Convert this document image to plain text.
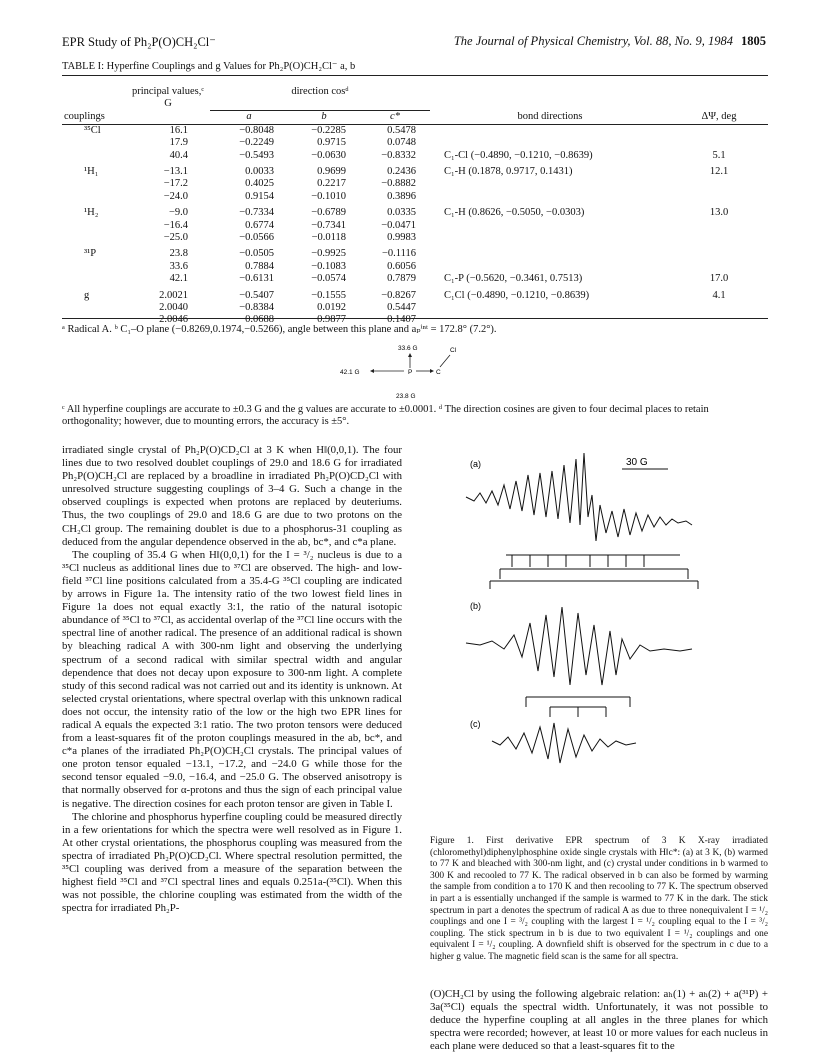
EPR Study of Ph₂P(O)CH₂Cl⁻	The Journal of Physical Chemistry, Vol. 88, No. 9, 1984 1805
TABLE I: Hyperfine Couplings and g Values for Ph₂P(O)CH₂Cl⁻ a, b
	principal values,ᶜ G	direction cosᵈ				
couplings		a	b	c*	bond directions	ΔΨ, deg
³⁵Cl	16.1	−0.8048	−0.2285	0.5478		
	17.9	−0.2249	0.9715	0.0748		
	40.4	−0.5493	−0.0630	−0.8332	C₁-Cl (−0.4890, −0.1210, −0.8639)	5.1
¹H₁	−13.1	0.0033	0.9699	0.2436	C₁-H (0.1878, 0.9717, 0.1431)	12.1
	−17.2	0.4025	0.2217	−0.8882		
	−24.0	0.9154	−0.1010	0.3896		
¹H₂	−9.0	−0.7334	−0.6789	0.0335	C₁-H (0.8626, −0.5050, −0.0303)	13.0
	−16.4	0.6774	−0.7341	−0.0471		
	−25.0	−0.0566	−0.0118	0.9983		
³¹P	23.8	−0.0505	−0.9925	−0.1116		
	33.6	0.7884	−0.1083	0.6056		
	42.1	−0.6131	−0.0574	0.7879	C₁-P (−0.5620, −0.3461, 0.7513)	17.0
g	2.0021	−0.5407	−0.1555	−0.8267	C₁Cl (−0.4890, −0.1210, −0.8639)	4.1
	2.0040	−0.8384	0.0192	0.5447		
	2.0046	−0.0688	0.9877	−0.1407		
ᵃ Radical A. ᵇ C₁–O plane (−0.8269,0.1974,−0.5266), angle between this plane and aₚⁱⁿᵗ = 172.8° (7.2°).
33.6 G	Cl
42.1 G	P	C
23.8 G
ᶜ All hyperfine couplings are accurate to ±0.3 G and the g values are accurate to ±0.0001. ᵈ The direction cosines are given to four decimal places to retain orthogonality; however, due to mounting errors, the accuracy is ±5°.

irradiated single crystal of Ph₂P(O)CD₂Cl at 3 K when H‖(0,0,1). The four lines due to two resolved doublet couplings of 29.0 and 18.6 G for irradiated Ph₂P(O)CH₂Cl are replaced by a broadline in irradiated Ph₂P(O)CD₂Cl with unresolved structure suggesting couplings of 3–4 G. Such a change in the observed couplings is expected when protons are replaced by deuteriums. Thus, the two couplings of 29.0 and 18.6 G are due to two protons on the CH₂Cl group. The remaining doublet is due to a phosphorus-31 coupling as deduced from the angular dependence observed in the ab, bc*, and c*a plane.

The coupling of 35.4 G when H‖(0,0,1) for the I = ³/₂ nucleus is due to a ³⁵Cl nucleus as additional lines due to ³⁷Cl are observed. The high- and low-field ³⁷Cl line positions calculated from a 35.4-G ³⁵Cl coupling are indicated by arrows in Figure 1a. The intensity ratio of the two lowest field lines in Figure 1a does not equal exactly 3:1, the ratio of the natural isotopic abundance of ³⁵Cl to ³⁷Cl, as accidental overlap of the ³⁷Cl line occurs with the spectral line of another radical. The presence of an additional radical is shown by bleaching radical A with 300-nm light and observing the underlying spectrum of a second radical with similar spectral width and angular dependence that does not decay upon exposure to 300-nm light. A complete study of this second radical was not carried out and its identity is unknown. At selected crystal orientations, where spectral overlap with this unknown radical does not occur, the intensity ratio of the low or the high two EPR lines for radical A equals the expected 3:1 ratio. The two proton tensors were deduced from a least-squares fit of the proton couplings measured in the ab, bc*, and c*a planes of the irradiated Ph₂P(O)CH₂Cl crystals. The principal values of one proton tensor equaled −13.1, −17.2, and −24.0 G while those for the second tensor equaled −9.0, −16.4, and −25.0 G. The observed anisotropy is that normally observed for α-protons and thus the sign of each principal value is negative. The direction cosines for each proton tensor are given in Table I.

The chlorine and phosphorus hyperfine coupling could be measured directly in a few orientations for which the spectra were well resolved as in Figure 1. At other crystal orientations, the phosphorus coupling was measured from the spectra of irradiated Ph₂P(O)CD₂Cl. Where spectral resolution permitted, the ³⁵Cl coupling was derived from a measure of the separation between the highest field ³⁵Cl and ³⁷Cl spectral lines and equals 0.251a-(³⁵Cl). When this was not possible, the chlorine coupling was estimated from the width of the spectra for irradiated Ph₂P-

(a)	30 G
(b)
(c)
Figure 1. First derivative EPR spectrum of 3 K X-ray irradiated (chloromethyl)diphenylphosphine oxide single crystals with H‖c*: (a) at 3 K, (b) warmed to 77 K and bleached with 300-nm light, and (c) crystal under conditions in b warmed to 300 K and recooled to 77 K. The radical observed in b can also be formed by warming the sample from condition a to 170 K and then recooling to 77 K. The spectrum observed in part a is essentially unchanged if the sample is warmed to 77 K in the dark. The stick spectrum in part a denotes the spectrum of radical A as due to three nonequivalent I = ¹/₂ couplings and one I = ³/₂ coupling with the largest I = ¹/₂ coupling equal to the I = ³/₂ coupling. The stick spectrum in b is due to two equivalent I = ¹/₂ couplings and one equivalent I = ¹/₂ coupling. A downfield shift is observed for the spectrum in c due to a higher g value. The magnetic field scan is the same for all spectra.
(O)CH₂Cl by using the following algebraic relation: aₕ(1) + aₕ(2) + a(³¹P) + 3a(³⁵Cl) equals the spectral width. Unfortunately, it was not possible to deduce the hyperfine coupling at all angles in the three planes for which spectra were recorded; however, at least 10 or more values for each nucleus in each plane were deduced so that a least-squares fit to the
